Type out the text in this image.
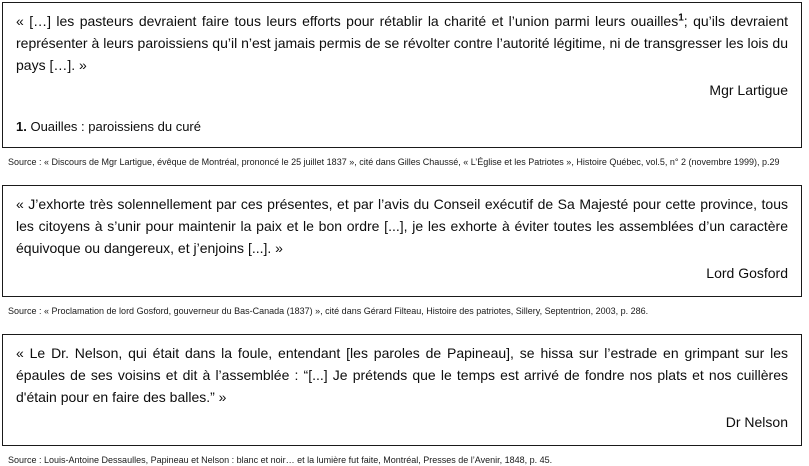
« […] les pasteurs devraient faire tous leurs efforts pour rétablir la charité et l’union parmi leurs ouailles$^1$; qu’ils devraient représenter à leurs paroissiens qu’il n’est jamais permis de se révolter contre l’autorité légitime, ni de transgresser les lois du pays […]. »

Mgr Lartigue

1. Ouailles : paroissiens du curé

Source : « Discours de Mgr Lartigue, évêque de Montréal, prononcé le 25 juillet 1837 », cité dans Gilles Chaussé, « L’Église et les Patriotes », Histoire Québec, vol.5, n° 2 (novembre 1999), p.29

« J’exhorte très solennellement par ces présentes, et par l’avis du Conseil exécutif de Sa Majesté pour cette province, tous les citoyens à s’unir pour maintenir la paix et le bon ordre [...], je les exhorte à éviter toutes les assemblées d’un caractère équivoque ou dangereux, et j’enjoins [...]. »

Lord Gosford

Source : « Proclamation de lord Gosford, gouverneur du Bas-Canada (1837) », cité dans Gérard Filteau, Histoire des patriotes, Sillery, Septentrion, 2003, p. 286.

« Le Dr. Nelson, qui était dans la foule, entendant [les paroles de Papineau], se hissa sur l’estrade en grimpant sur les épaules de ses voisins et dit à l’assemblée : “[...] Je prétends que le temps est arrivé de fondre nos plats et nos cuillères d'étain pour en faire des balles.” »

Dr Nelson

Source : Louis-Antoine Dessaulles, Papineau et Nelson : blanc et noir… et la lumière fut faite, Montréal, Presses de l’Avenir, 1848, p. 45.
